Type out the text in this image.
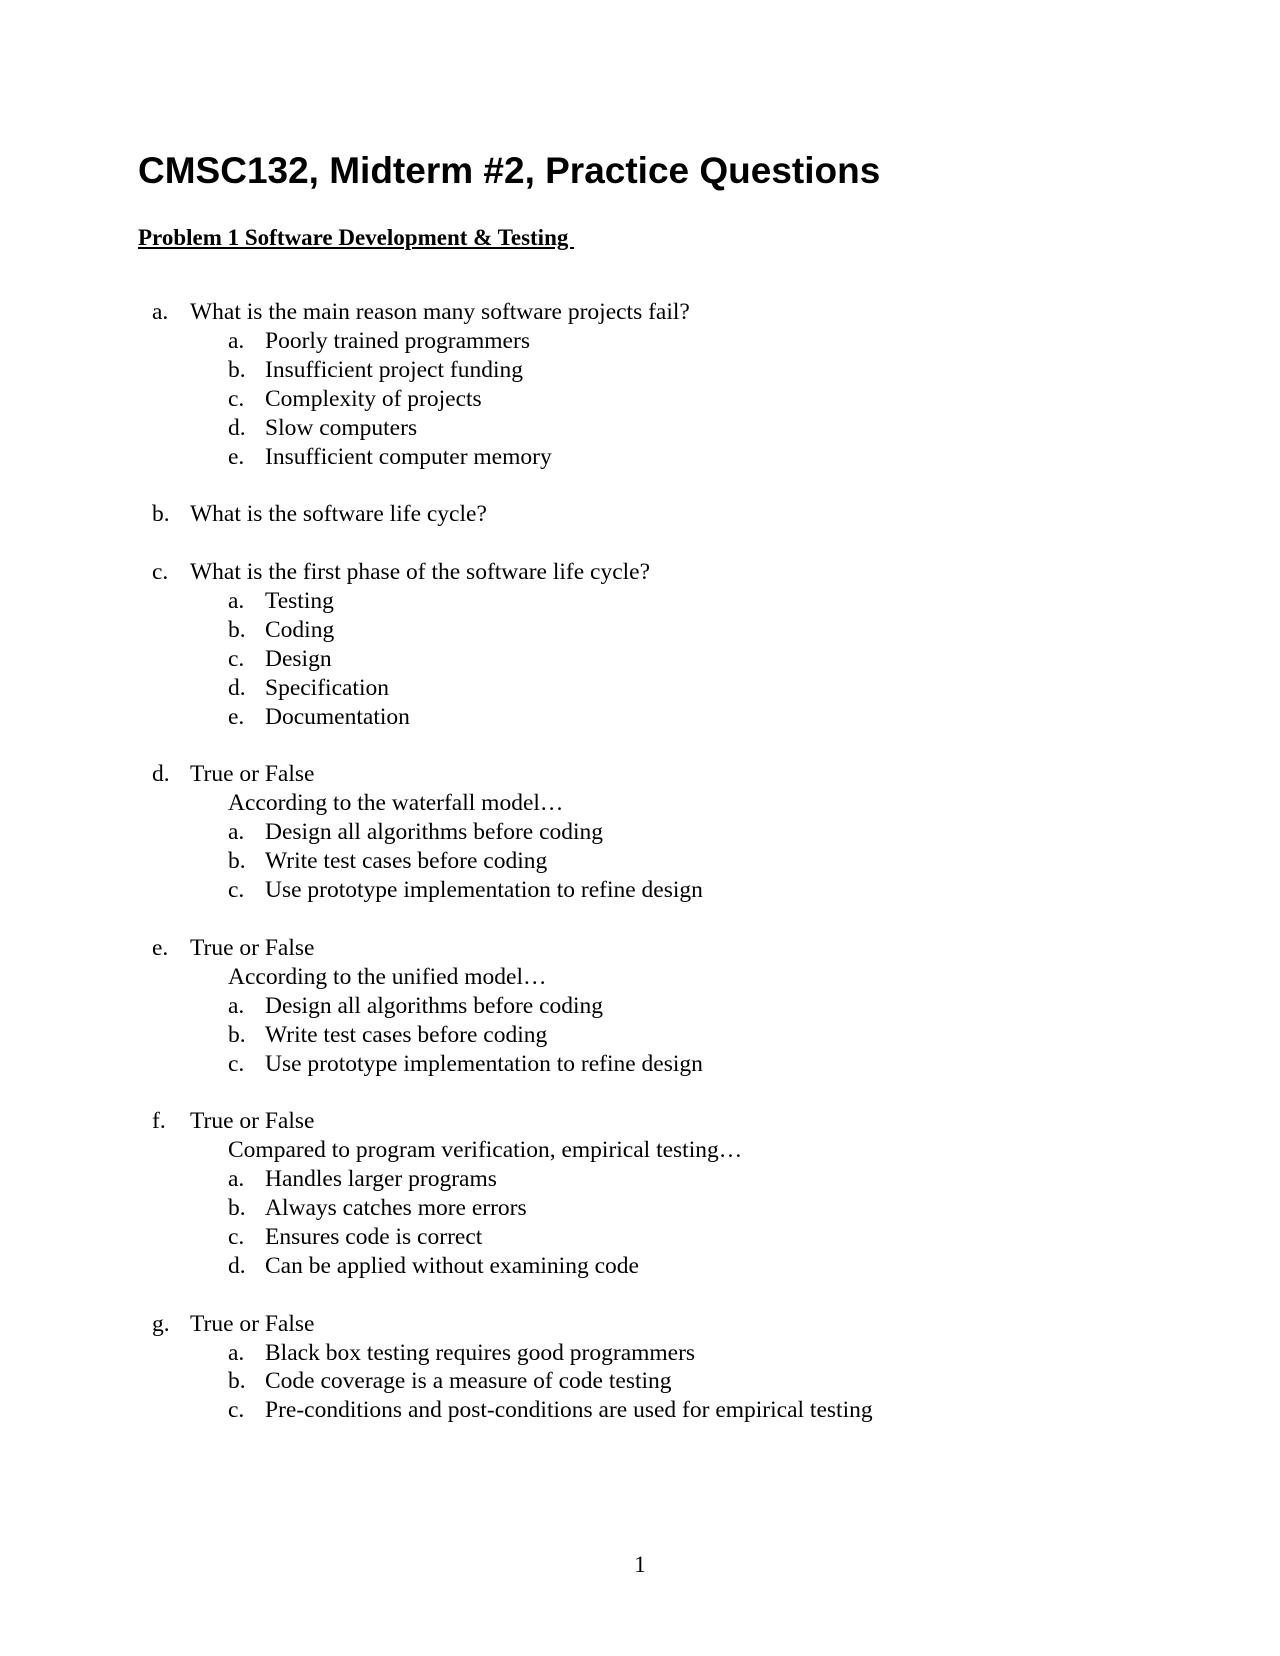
CMSC132, Midterm #2, Practice Questions
Problem 1 Software Development & Testing
a. What is the main reason many software projects fail?
a. Poorly trained programmers
b. Insufficient project funding
c. Complexity of projects
d. Slow computers
e. Insufficient computer memory
b. What is the software life cycle?
c. What is the first phase of the software life cycle?
a. Testing
b. Coding
c. Design
d. Specification
e. Documentation
d. True or False
According to the waterfall model…
a. Design all algorithms before coding
b. Write test cases before coding
c. Use prototype implementation to refine design
e. True or False
According to the unified model…
a. Design all algorithms before coding
b. Write test cases before coding
c. Use prototype implementation to refine design
f. True or False
Compared to program verification, empirical testing…
a. Handles larger programs
b. Always catches more errors
c. Ensures code is correct
d. Can be applied without examining code
g. True or False
a. Black box testing requires good programmers
b. Code coverage is a measure of code testing
c. Pre-conditions and post-conditions are used for empirical testing
1
